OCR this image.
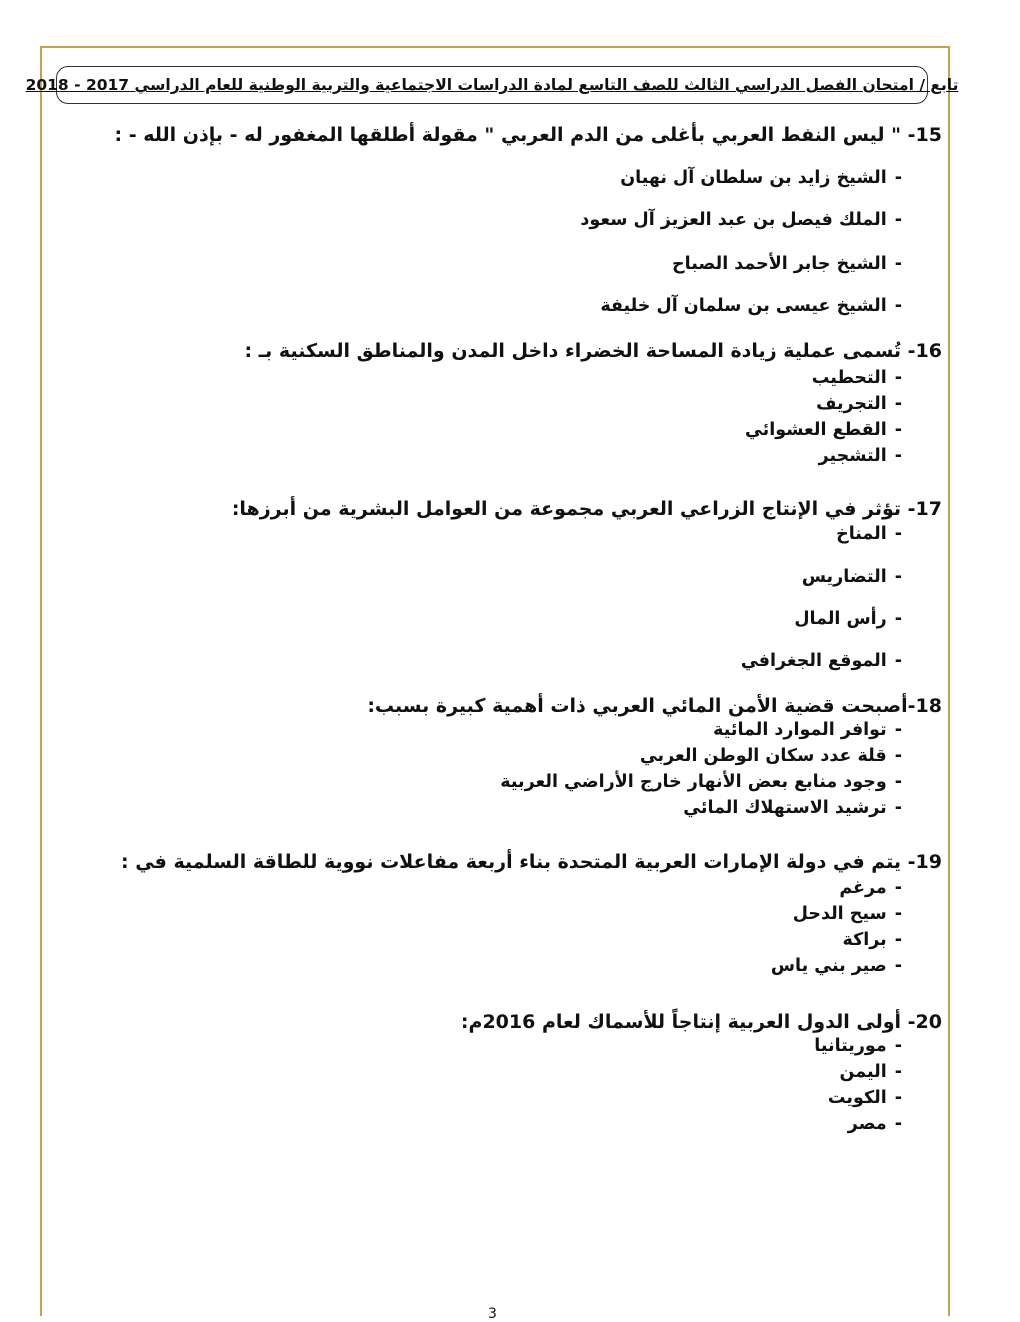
تابع / امتحان الفصل الدراسي الثالث للصف التاسع لمادة الدراسات الاجتماعية والتربية الوطنية للعام الدراسي 2017 - 2018
15- " ليس النفط العربي بأغلى من الدم العربي " مقولة أطلقها المغفور له - بإذن الله - :
-الشيخ زايد بن سلطان آل نهيان
-الملك فيصل بن عبد العزيز آل سعود
-الشيخ جابر الأحمد الصباح
-الشيخ عيسى بن سلمان آل خليفة
16- تُسمى عملية زيادة المساحة الخضراء داخل المدن والمناطق السكنية بـ :
-التحطيب
-التجريف
-القطع العشوائي
-التشجير
17- تؤثر في الإنتاج الزراعي العربي مجموعة من العوامل البشرية من أبرزها:
-المناخ
-التضاريس
-رأس المال
-الموقع الجغرافي
18-أصبحت قضية الأمن المائي العربي ذات أهمية كبيرة بسبب:
-توافر الموارد المائية
-قلة عدد سكان الوطن العربي
-وجود منابع بعض الأنهار خارج الأراضي العربية
-ترشيد الاستهلاك المائي
19- يتم في دولة الإمارات العربية المتحدة بناء أربعة مفاعلات نووية للطاقة السلمية في :
-مرغم
-سيح الدحل
-براكة
-صير بني ياس
20- أولى الدول العربية إنتاجاً للأسماك لعام 2016م:
-موريتانيا
-اليمن
-الكويت
-مصر
3
